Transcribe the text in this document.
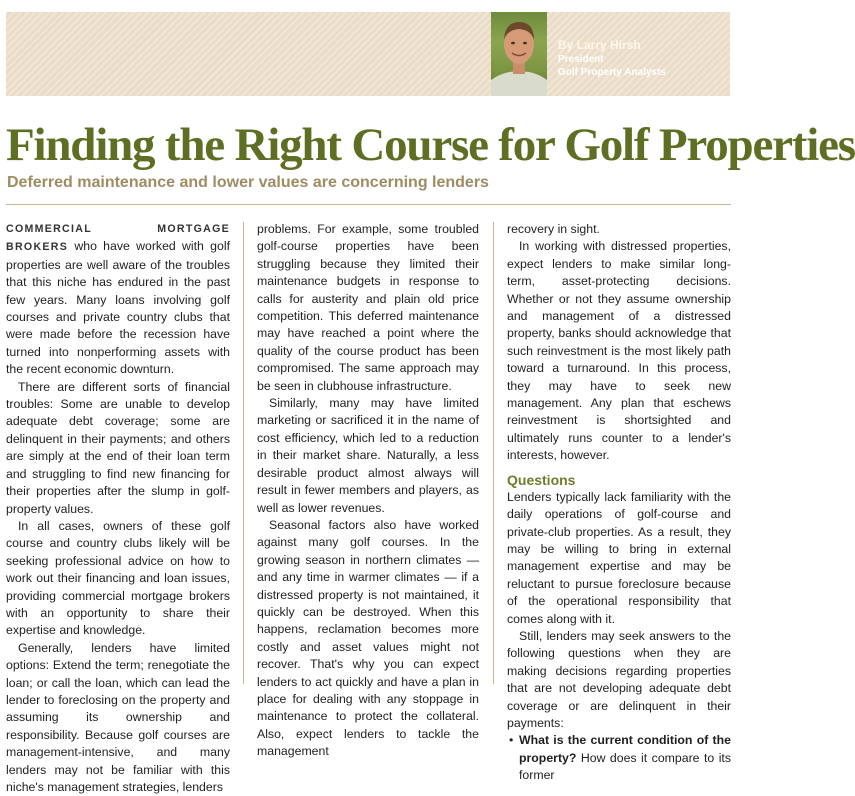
By Larry Hirsh
President
Golf Property Analysts
Finding the Right Course for Golf Properties
Deferred maintenance and lower values are concerning lenders

COMMERCIAL MORTGAGE BROKERS who have worked with golf properties are well aware of the troubles that this niche has endured in the past few years. Many loans involving golf courses and private country clubs that were made before the recession have turned into nonperforming assets with the recent economic downturn.

There are different sorts of financial troubles: Some are unable to develop adequate debt coverage; some are delinquent in their payments; and others are simply at the end of their loan term and struggling to find new financing for their properties after the slump in golf-property values.

In all cases, owners of these golf course and country clubs likely will be seeking professional advice on how to work out their financing and loan issues, providing commercial mortgage brokers with an opportunity to share their expertise and knowledge.

Generally, lenders have limited options: Extend the term; renegotiate the loan; or call the loan, which can lead the lender to foreclosing on the property and assuming its ownership and responsibility. Because golf courses are management-intensive, and many lenders may not be familiar with this niche's management strategies, lenders

problems. For example, some troubled golf-course properties have been struggling because they limited their maintenance budgets in response to calls for austerity and plain old price competition. This deferred maintenance may have reached a point where the quality of the course product has been compromised. The same approach may be seen in clubhouse infrastructure.

Similarly, many may have limited marketing or sacrificed it in the name of cost efficiency, which led to a reduction in their market share. Naturally, a less desirable product almost always will result in fewer members and players, as well as lower revenues.

Seasonal factors also have worked against many golf courses. In the growing season in northern climates — and any time in warmer climates — if a distressed property is not maintained, it quickly can be destroyed. When this happens, reclamation becomes more costly and asset values might not recover. That's why you can expect lenders to act quickly and have a plan in place for dealing with any stoppage in maintenance to protect the collateral. Also, expect lenders to tackle the management

recovery in sight.

In working with distressed properties, expect lenders to make similar long-term, asset-protecting decisions. Whether or not they assume ownership and management of a distressed property, banks should acknowledge that such reinvestment is the most likely path toward a turnaround. In this process, they may have to seek new management. Any plan that eschews reinvestment is shortsighted and ultimately runs counter to a lender's interests, however.

Questions

Lenders typically lack familiarity with the daily operations of golf-course and private-club properties. As a result, they may be willing to bring in external management expertise and may be reluctant to pursue foreclosure because of the operational responsibility that comes along with it.

Still, lenders may seek answers to the following questions when they are making decisions regarding properties that are not developing adequate debt coverage or are delinquent in their payments:

• What is the current condition of the property? How does it compare to its former
